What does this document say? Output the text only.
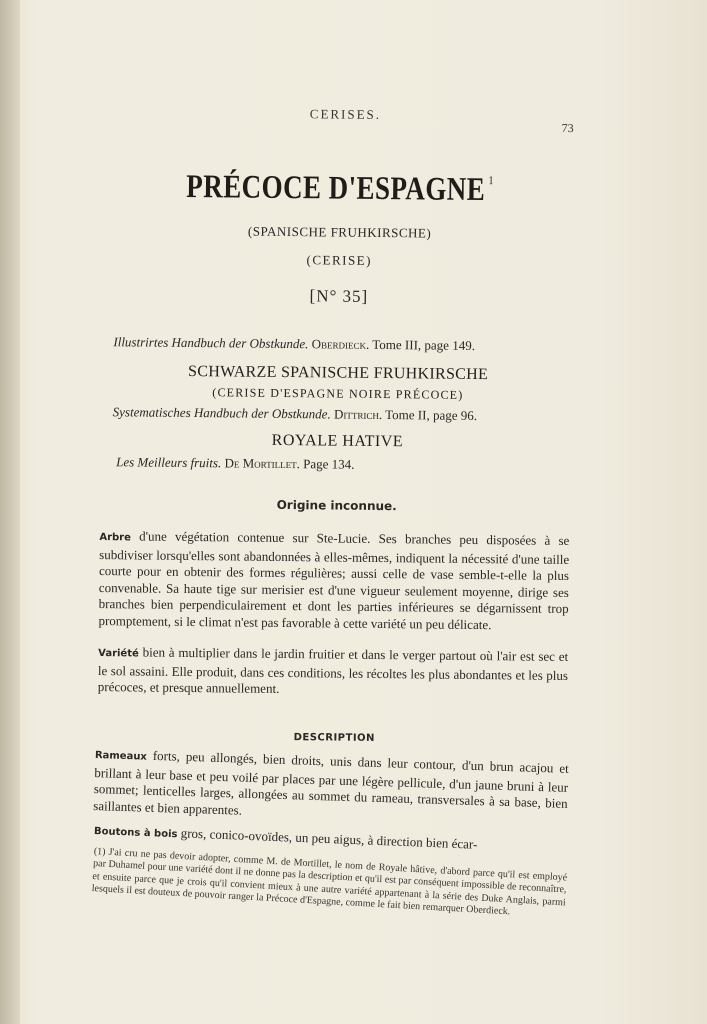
CERISES.
73
PRÉCOCE D'ESPAGNE $^1$
(SPANISCHE FRUHKIRSCHE)
(CERISE)
[N° 35]
Illustrirtes Handbuch der Obstkunde. Oberdieck. Tome III, page 149.
SCHWARZE SPANISCHE FRUHKIRSCHE
(CERISE D'ESPAGNE NOIRE PRÉCOCE)
Systematisches Handbuch der Obstkunde. Dittrich. Tome II, page 96.
ROYALE HATIVE
Les Meilleurs fruits. De Mortillet. Page 134.
Origine inconnue.
Arbre d'une végétation contenue sur Ste-Lucie. Ses branches peu disposées à se subdiviser lorsqu'elles sont abandonnées à elles-mêmes, indiquent la nécessité d'une taille courte pour en obtenir des formes régulières; aussi celle de vase semble-t-elle la plus convenable. Sa haute tige sur merisier est d'une vigueur seulement moyenne, dirige ses branches bien perpendiculairement et dont les parties inférieures se dégarnissent trop promptement, si le climat n'est pas favorable à cette variété un peu délicate.
Variété bien à multiplier dans le jardin fruitier et dans le verger partout où l'air est sec et le sol assaini. Elle produit, dans ces conditions, les récoltes les plus abondantes et les plus précoces, et presque annuellement.
DESCRIPTION
Rameaux forts, peu allongés, bien droits, unis dans leur contour, d'un brun acajou et brillant à leur base et peu voilé par places par une légère pellicule, d'un jaune bruni à leur sommet; lenticelles larges, allongées au sommet du rameau, transversales à sa base, bien saillantes et bien apparentes.
Boutons à bois gros, conico-ovoïdes, un peu aigus, à direction bien écar-
(1) J'ai cru ne pas devoir adopter, comme M. de Mortillet, le nom de Royale hâtive, d'abord parce qu'il est employé par Duhamel pour une variété dont il ne donne pas la description et qu'il est par conséquent impossible de reconnaître, et ensuite parce que je crois qu'il convient mieux à une autre variété appartenant à la série des Duke Anglais, parmi lesquels il est douteux de pouvoir ranger la Précoce d'Espagne, comme le fait bien remarquer Oberdieck.
